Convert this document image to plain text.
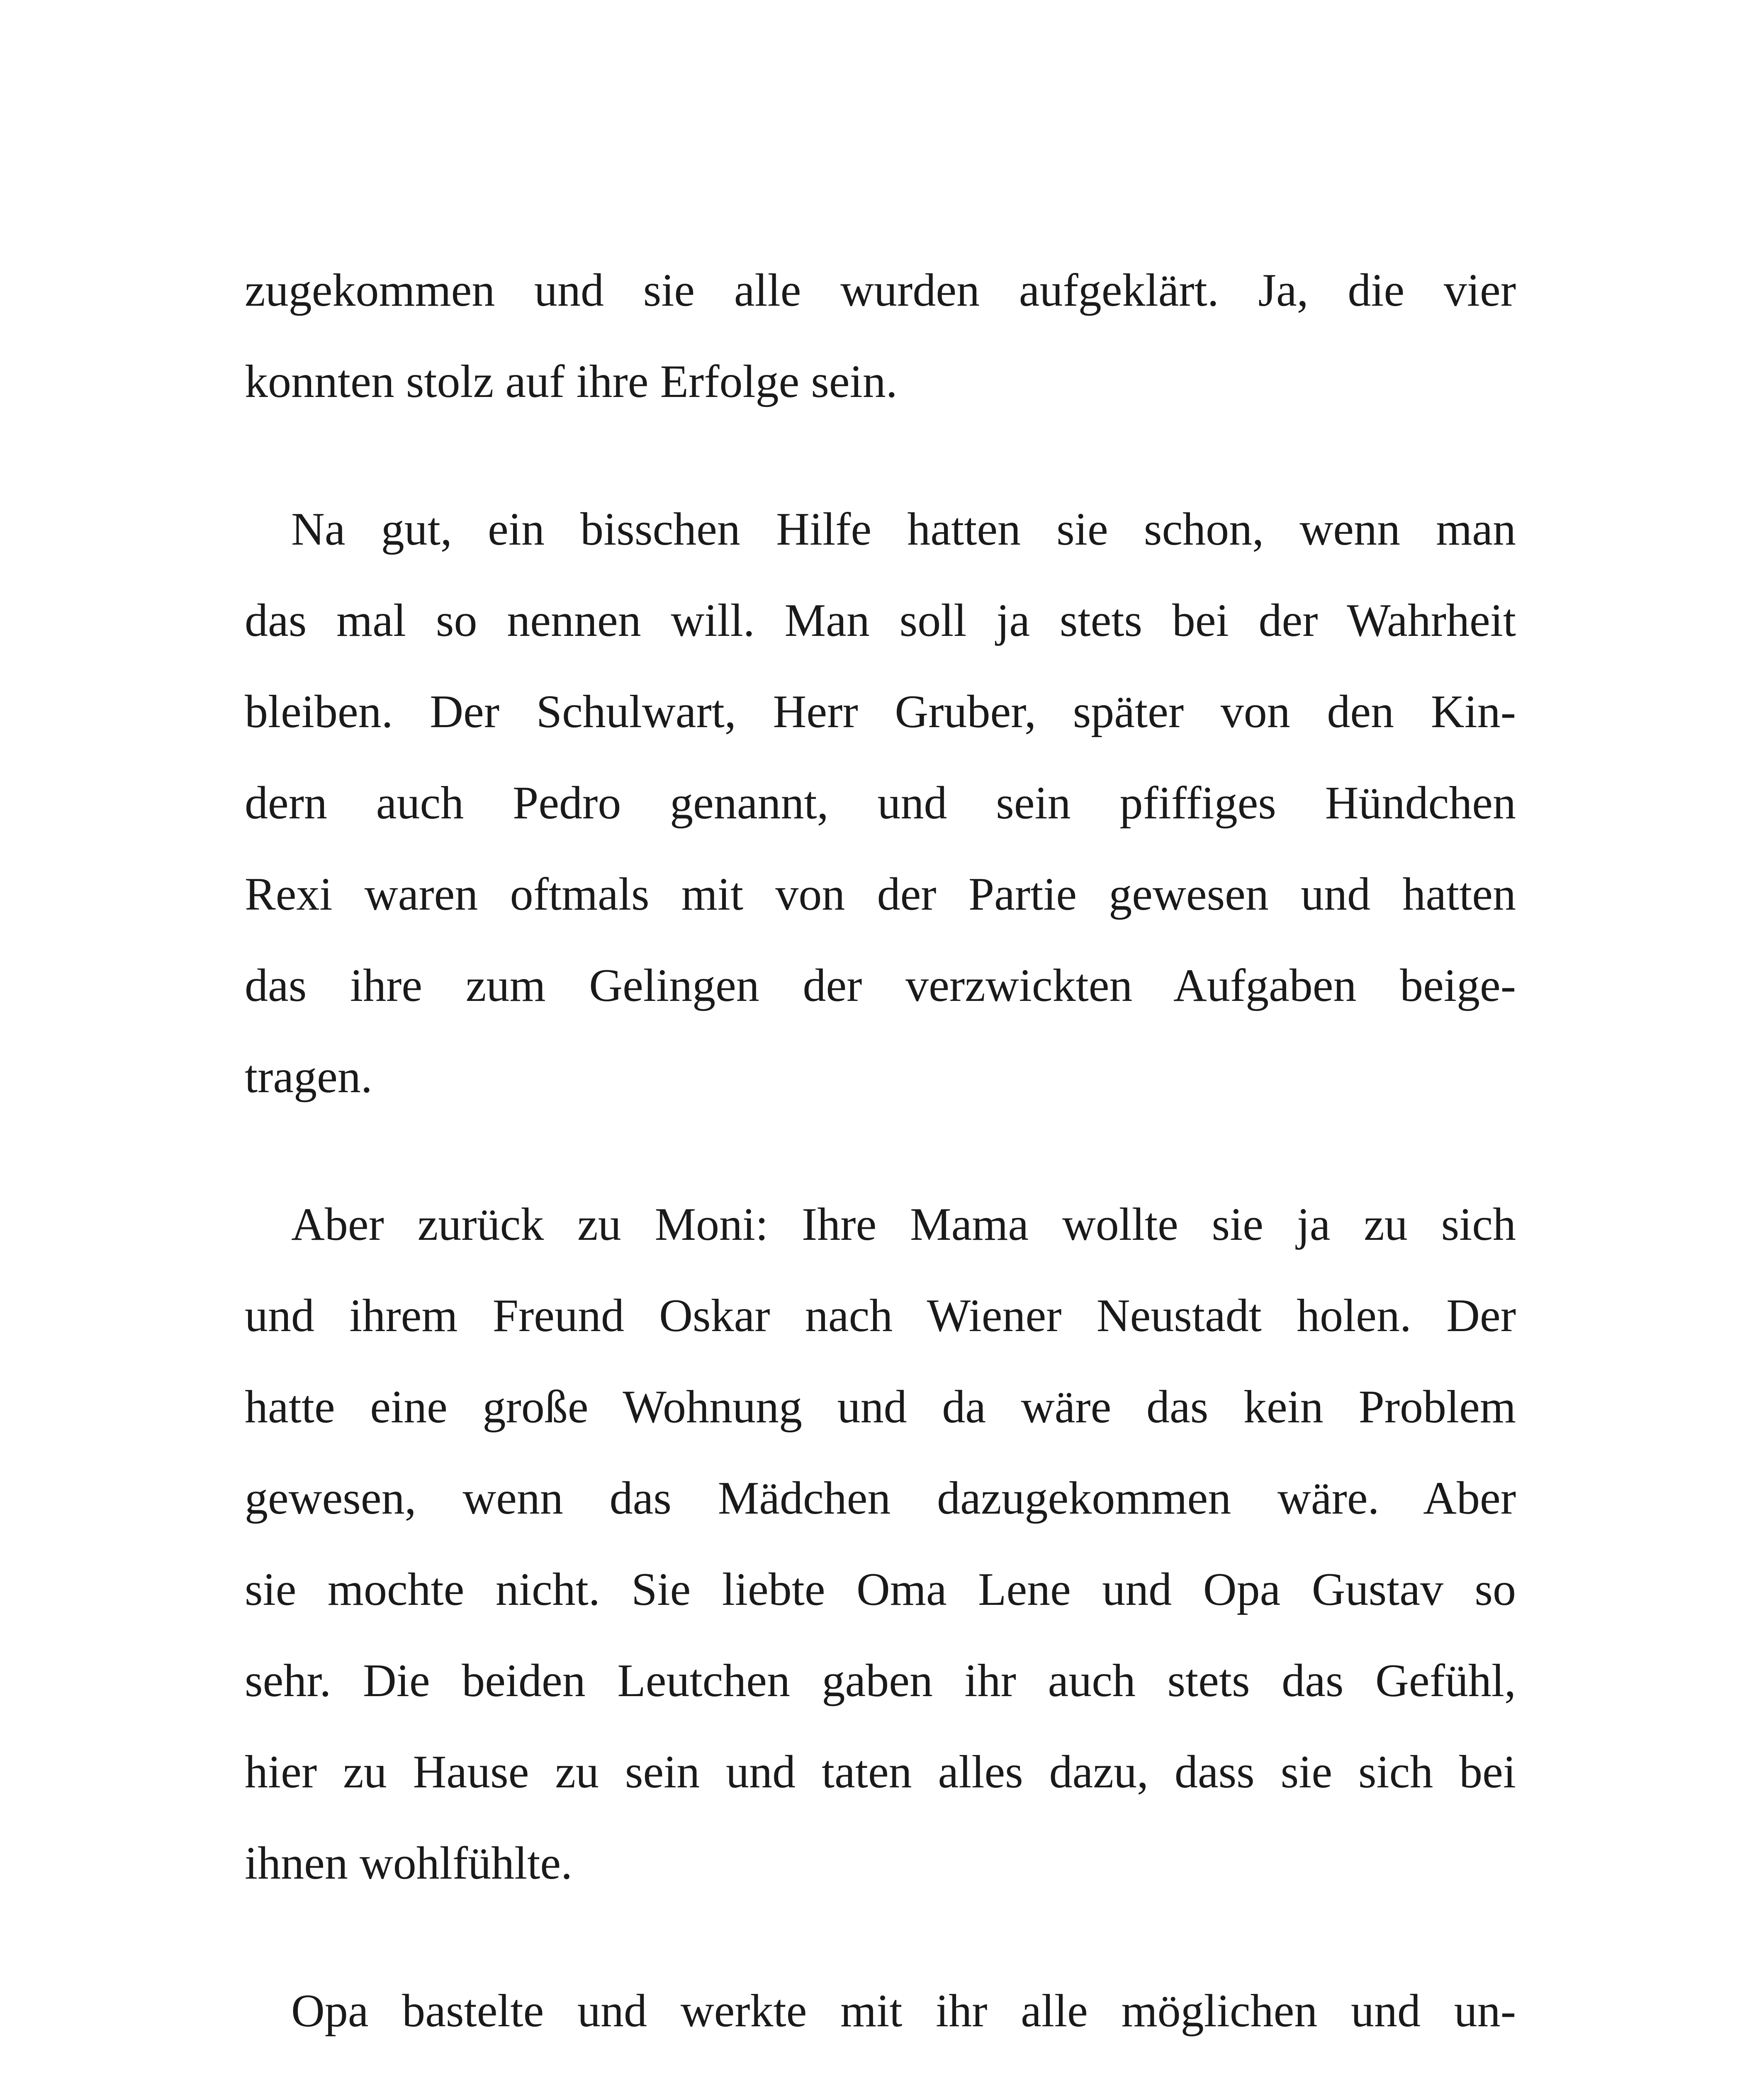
zugekommen und sie alle wurden aufgeklärt. Ja, die vier
konnten stolz auf ihre Erfolge sein.

Na gut, ein bisschen Hilfe hatten sie schon, wenn man
das mal so nennen will. Man soll ja stets bei der Wahrheit
bleiben. Der Schulwart, Herr Gruber, später von den Kin-
dern auch Pedro genannt, und sein pfiffiges Hündchen
Rexi waren oftmals mit von der Partie gewesen und hatten
das ihre zum Gelingen der verzwickten Aufgaben beige-
tragen.

Aber zurück zu Moni: Ihre Mama wollte sie ja zu sich
und ihrem Freund Oskar nach Wiener Neustadt holen. Der
hatte eine große Wohnung und da wäre das kein Problem
gewesen, wenn das Mädchen dazugekommen wäre. Aber
sie mochte nicht. Sie liebte Oma Lene und Opa Gustav so
sehr. Die beiden Leutchen gaben ihr auch stets das Gefühl,
hier zu Hause zu sein und taten alles dazu, dass sie sich bei
ihnen wohlfühlte.

Opa bastelte und werkte mit ihr alle möglichen und un-
